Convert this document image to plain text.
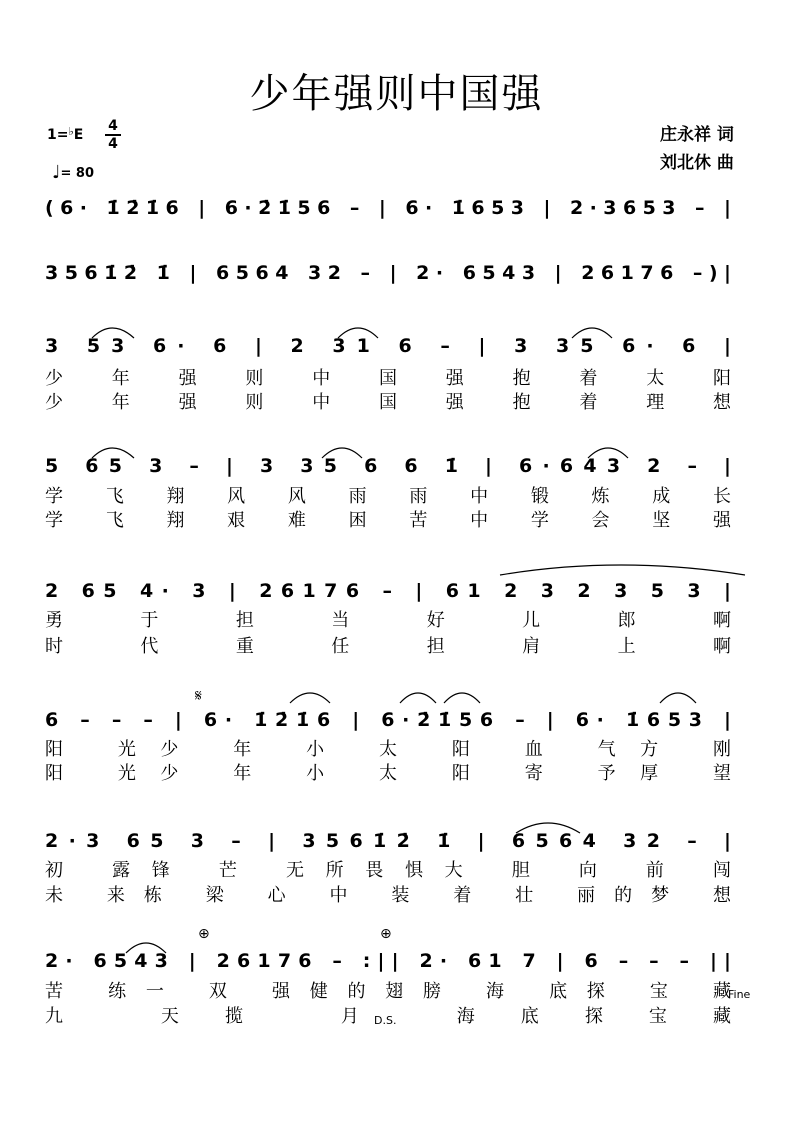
少年强则中国强
1=♭E
4
4
♩= 80
庄永祥 词
刘北休 曲
𝄋
⊕	⊕
Fine
D.S.
(6· 1̇2̇1̇6 | 6·2̇1̇56 – | 6· 1̇653 | 2·3653 – |
3561̇2̇ 1̇ | 6564 32 – | 2· 6543 | 26176 –)|
3 53 6· 6 | 2 31 6 – | 3 35 6· 6 |
少 年 强 则 中 国 强 抱 着 太 阳
少 年 强 则 中 国 强 抱 着 理 想
5 65 3 – | 3 35 6 6 1̇ | 6·643 2 – |
学 飞 翔 风 风 雨 雨 中 锻 炼 成 长
学 飞 翔 艰 难 困 苦 中 学 会 坚 强
2 65 4· 3 | 26176 – | 61 2 3 2 3 5 3 |
勇 于 担 当 好 儿 郎 啊
时 代 重 任 担 肩 上 啊
6 – – – | 6· 1̇2̇1̇6 | 6·2̇1̇56 – | 6· 1̇653 |
阳 光少 年 小 太 阳 血 气方 刚
阳 光少 年 小 太 阳 寄 予厚 望
2·3 65 3 – | 3561̇2̇ 1̇ | 6564 32 – |
初 露锋 芒 无所畏惧大 胆 向 前 闯
未 来栋 梁 心 中 装 着 壮 丽的梦 想
2· 6543 | 26176 – :|| 2· 61 7 | 6 – – – ||
苦 练一 双 强健的翅膀 海 底探 宝 藏
九 天揽 月 海底探宝藏
